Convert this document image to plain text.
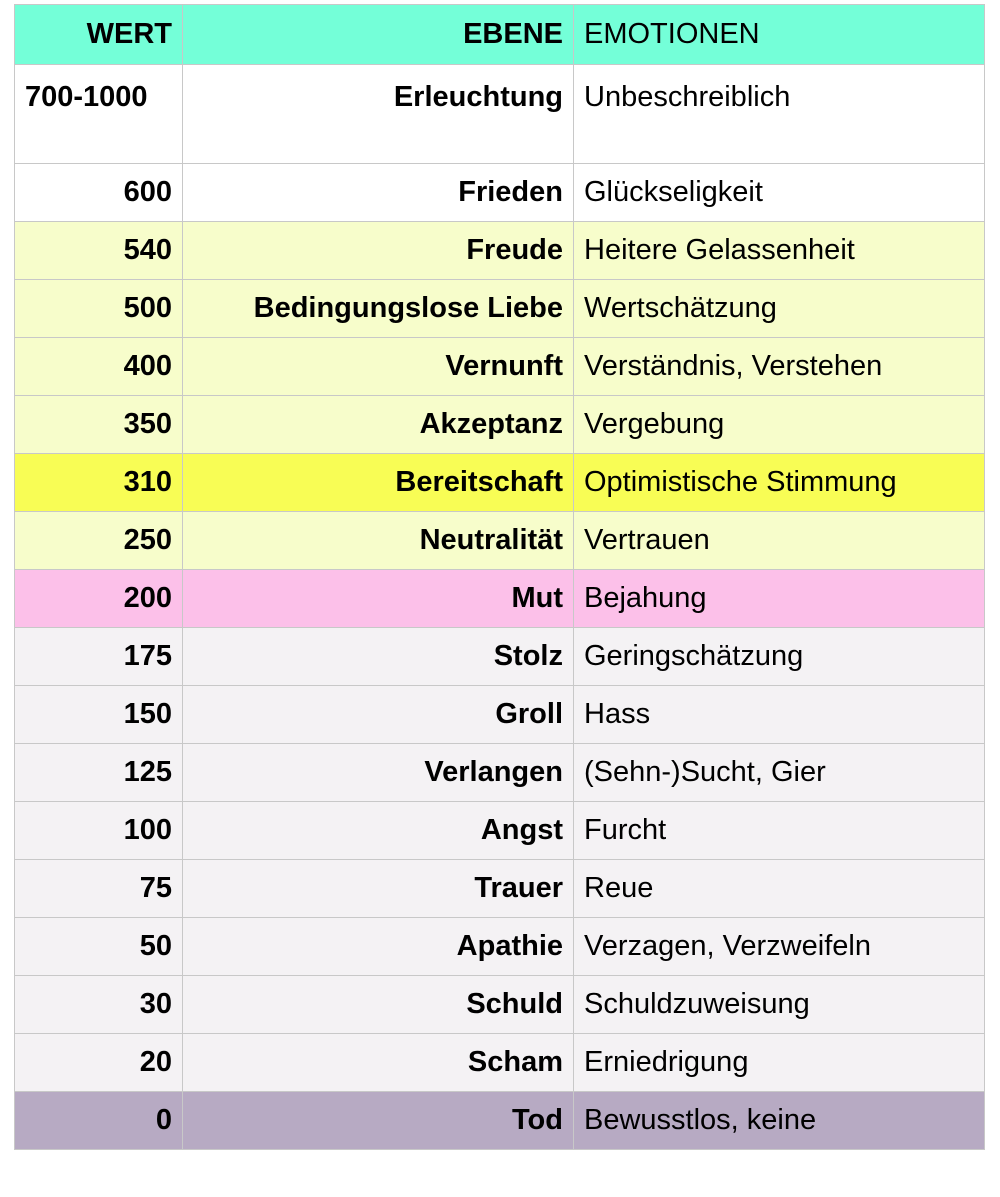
WERT	EBENE	EMOTIONEN
700-1000	Erleuchtung	Unbeschreiblich
600	Frieden	Glückseligkeit
540	Freude	Heitere Gelassenheit
500	Bedingungslose Liebe	Wertschätzung
400	Vernunft	Verständnis, Verstehen
350	Akzeptanz	Vergebung
310	Bereitschaft	Optimistische Stimmung
250	Neutralität	Vertrauen
200	Mut	Bejahung
175	Stolz	Geringschätzung
150	Groll	Hass
125	Verlangen	(Sehn-)Sucht, Gier
100	Angst	Furcht
75	Trauer	Reue
50	Apathie	Verzagen, Verzweifeln
30	Schuld	Schuldzuweisung
20	Scham	Erniedrigung
0	Tod	Bewusstlos, keine
